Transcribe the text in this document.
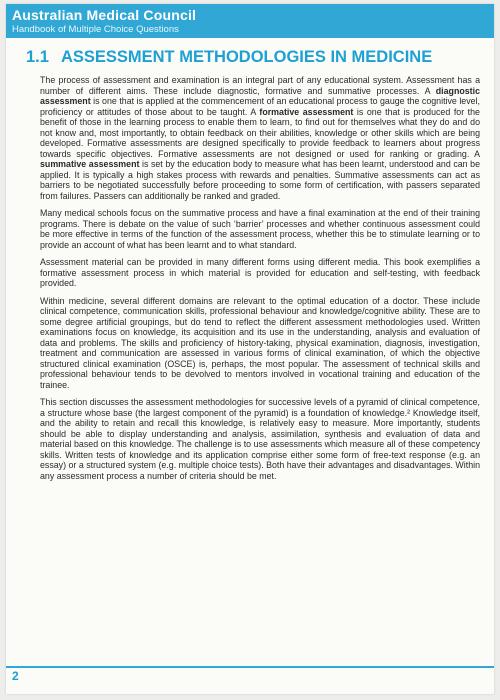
Australian Medical Council
Handbook of Multiple Choice Questions
1.1 ASSESSMENT METHODOLOGIES IN MEDICINE

The process of assessment and examination is an integral part of any educational system. Assessment has a number of different aims. These include diagnostic, formative and summative processes. A diagnostic assessment is one that is applied at the commencement of an educational process to gauge the cognitive level, proficiency or attitudes of those about to be taught. A formative assessment is one that is produced for the benefit of those in the learning process to enable them to learn, to find out for themselves what they do and do not know and, most importantly, to obtain feedback on their abilities, knowledge or other skills which are being developed. Formative assessments are designed specifically to provide feedback to learners about progress towards specific objectives. Formative assessments are not designed or used for ranking or grading. A summative assessment is set by the education body to measure what has been learnt, understood and can be applied. It is typically a high stakes process with rewards and penalties. Summative assessments can act as barriers to be negotiated successfully before proceeding to some form of certification, with passers separated from failures. Passers can additionally be ranked and graded.

Many medical schools focus on the summative process and have a final examination at the end of their training programs. There is debate on the value of such ‘barrier’ processes and whether continuous assessment could be more effective in terms of the function of the assessment process, whether this be to stimulate learning or to provide an account of what has been learnt and to what standard.

Assessment material can be provided in many different forms using different media. This book exemplifies a formative assessment process in which material is provided for education and self-testing, with feedback provided.

Within medicine, several different domains are relevant to the optimal education of a doctor. These include clinical competence, communication skills, professional behaviour and knowledge/cognitive ability. These are to some degree artificial groupings, but do tend to reflect the different assessment methodologies used. Written examinations focus on knowledge, its acquisition and its use in the understanding, analysis and evaluation of data and problems. The skills and proficiency of history-taking, physical examination, diagnosis, investigation, treatment and communication are assessed in various forms of clinical examination, of which the objective structured clinical examination (OSCE) is, perhaps, the most popular. The assessment of technical skills and professional behaviour tends to be devolved to mentors involved in vocational training and education of the trainee.

This section discusses the assessment methodologies for successive levels of a pyramid of clinical competence, a structure whose base (the largest component of the pyramid) is a foundation of knowledge.² Knowledge itself, and the ability to retain and recall this knowledge, is relatively easy to measure. More importantly, students should be able to display understanding and analysis, assimilation, synthesis and evaluation of data and material based on this knowledge. The challenge is to use assessments which measure all of these competency skills. Written tests of knowledge and its application comprise either some form of free-text response (e.g. an essay) or a structured system (e.g. multiple choice tests). Both have their advantages and disadvantages. Within any assessment process a number of criteria should be met.

2
